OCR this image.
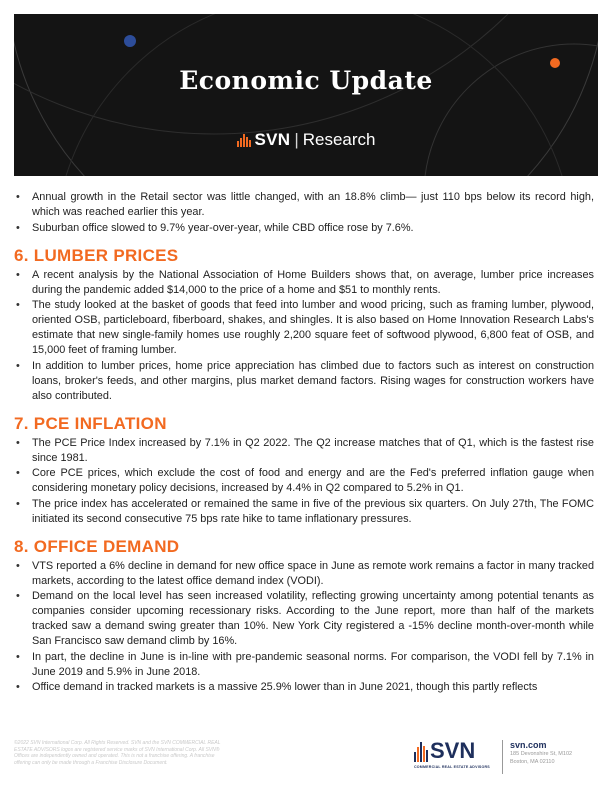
Economic Update
SVN | Research
• Annual growth in the Retail sector was little changed, with an 18.8% climb— just 110 bps below its record high, which was reached earlier this year.
• Suburban office slowed to 9.7% year-over-year, while CBD office rose by 7.6%.
6. LUMBER PRICES
• A recent analysis by the National Association of Home Builders shows that, on average, lumber price increases during the pandemic added $14,000 to the price of a home and $51 to monthly rents.
• The study looked at the basket of goods that feed into lumber and wood pricing, such as framing lumber, plywood, oriented OSB, particleboard, fiberboard, shakes, and shingles. It is also based on Home Innovation Research Labs's estimate that new single-family homes use roughly 2,200 square feet of softwood plywood, 6,800 feat of OSB, and 15,000 feet of framing lumber.
• In addition to lumber prices, home price appreciation has climbed due to factors such as interest on construction loans, broker's feeds, and other margins, plus market demand factors. Rising wages for construction workers have also contributed.
7. PCE INFLATION
• The PCE Price Index increased by 7.1% in Q2 2022. The Q2 increase matches that of Q1, which is the fastest rise since 1981.
• Core PCE prices, which exclude the cost of food and energy and are the Fed's preferred inflation gauge when considering monetary policy decisions, increased by 4.4% in Q2 compared to 5.2% in Q1.
• The price index has accelerated or remained the same in five of the previous six quarters. On July 27th, The FOMC initiated its second consecutive 75 bps rate hike to tame inflationary pressures.
8. OFFICE DEMAND
• VTS reported a 6% decline in demand for new office space in June as remote work remains a factor in many tracked markets, according to the latest office demand index (VODI).
• Demand on the local level has seen increased volatility, reflecting growing uncertainty among potential tenants as companies consider upcoming recessionary risks. According to the June report, more than half of the markets tracked saw a demand swing greater than 10%. New York City registered a -15% decline month-over-month while San Francisco saw demand climb by 16%.
• In part, the decline in June is in-line with pre-pandemic seasonal norms. For comparison, the VODI fell by 7.1% in June 2019 and 5.9% in June 2018.
• Office demand in tracked markets is a massive 25.9% lower than in June 2021, though this partly reflects
©2022 SVN International Corp. All Rights Reserved. SVN and the SVN COMMERCIAL REAL ESTATE ADVISORS logos are registered service marks of SVN International Corp. All SVN® Offices are independently owned and operated. This is not a franchise offering. A franchise offering can only be made through a Franchise Disclosure Document.	SVN
COMMERCIAL REAL ESTATE ADVISORS
svn.com
185 Devonshire St, M102
Boston, MA 02110
